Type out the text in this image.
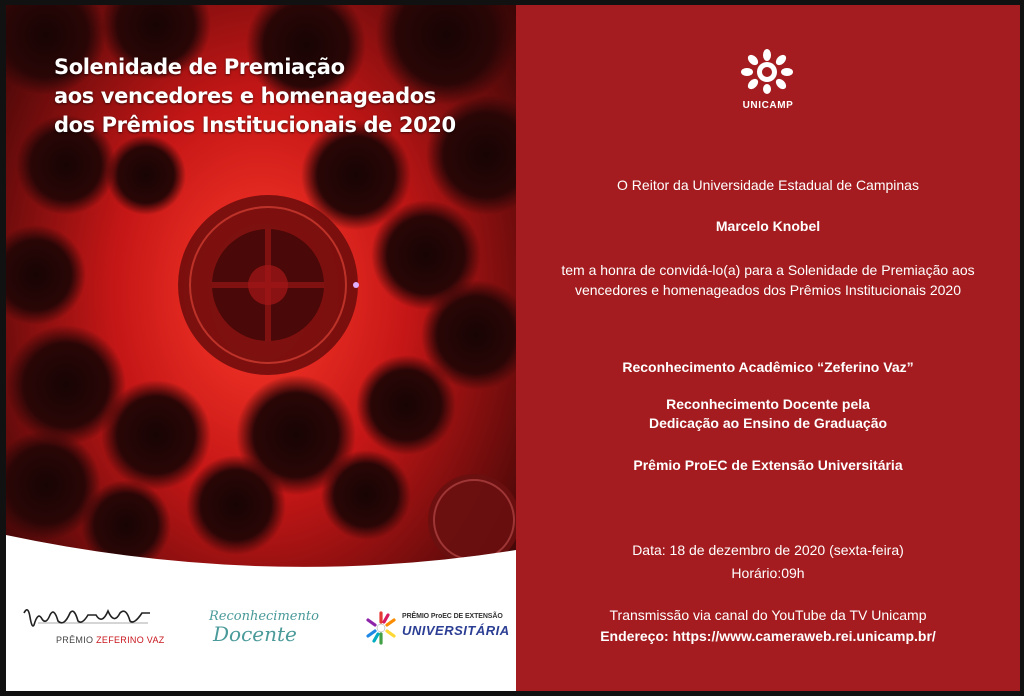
Solenidade de Premiação
aos vencedores e homenageados
dos Prêmios Institucionais de 2020
PRÊMIO ZEFERINO VAZ
Reconhecimento
Docente
PRÊMIO ProEC DE EXTENSÃO
UNIVERSITÁRIA
UNICAMP
O Reitor da Universidade Estadual de Campinas
Marcelo Knobel
tem a honra de convidá-lo(a) para a Solenidade de Premiação aos
vencedores e homenageados dos Prêmios Institucionais 2020
Reconhecimento Acadêmico “Zeferino Vaz”
Reconhecimento Docente pela
Dedicação ao Ensino de Graduação
Prêmio ProEC de Extensão Universitária
Data: 18 de dezembro de 2020 (sexta-feira)
Horário:09h
Transmissão via canal do YouTube da TV Unicamp
Endereço: https://www.cameraweb.rei.unicamp.br/
